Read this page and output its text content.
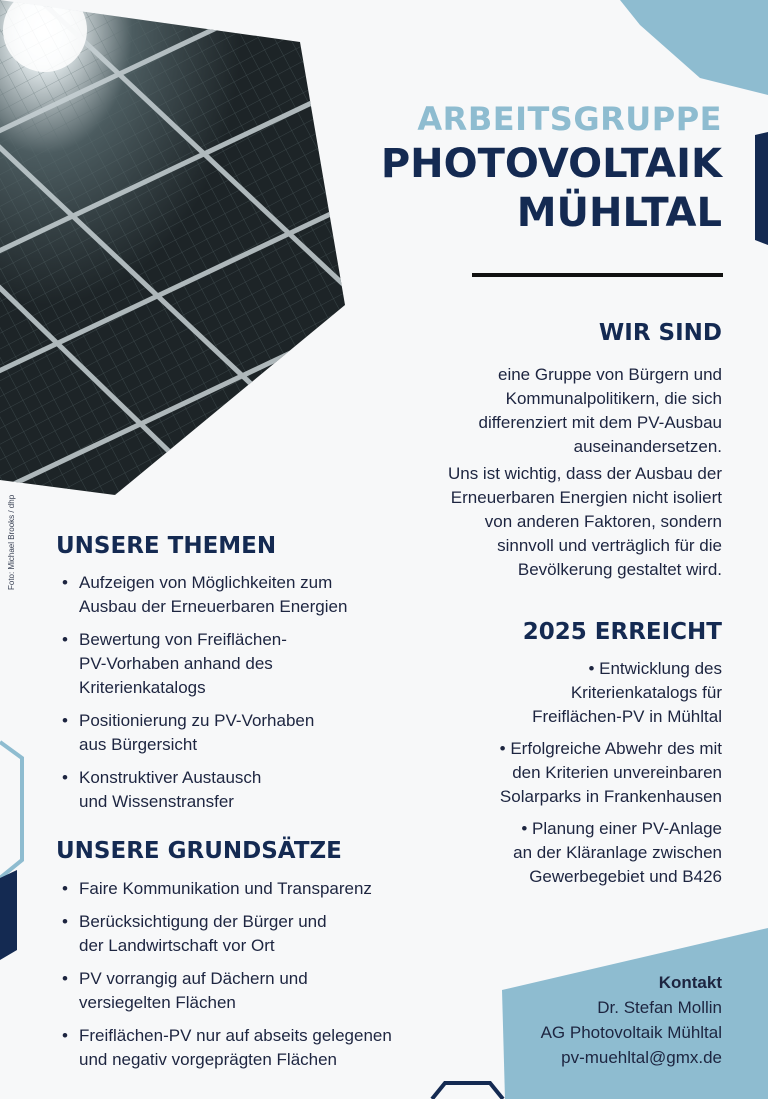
Foto: Michael Brooks / dhp
ARBEITSGRUPPE
PHOTOVOLTAIK
MÜHLTAL
WIR SIND
eine Gruppe von Bürgern und
Kommunalpolitikern, die sich
differenziert mit dem PV-Ausbau
auseinandersetzen.
Uns ist wichtig, dass der Ausbau der
Erneuerbaren Energien nicht isoliert
von anderen Faktoren, sondern
sinnvoll und verträglich für die
Bevölkerung gestaltet wird.
UNSERE THEMEN
• Aufzeigen von Möglichkeiten zum
Ausbau der Erneuerbaren Energien
• Bewertung von Freiflächen-
PV-Vorhaben anhand des
Kriterienkatalogs
• Positionierung zu PV-Vorhaben
aus Bürgersicht
• Konstruktiver Austausch
und Wissenstransfer
2025 ERREICHT
• Entwicklung des
Kriterienkatalogs für
Freiflächen-PV in Mühltal
• Erfolgreiche Abwehr des mit
den Kriterien unvereinbaren
Solarparks in Frankenhausen
• Planung einer PV-Anlage
an der Kläranlage zwischen
Gewerbegebiet und B426
UNSERE GRUNDSÄTZE
• Faire Kommunikation und Transparenz
• Berücksichtigung der Bürger und
der Landwirtschaft vor Ort
• PV vorrangig auf Dächern und
versiegelten Flächen
• Freiflächen-PV nur auf abseits gelegenen
und negativ vorgeprägten Flächen
Kontakt
Dr. Stefan Mollin
AG Photovoltaik Mühltal
pv-muehltal@gmx.de
